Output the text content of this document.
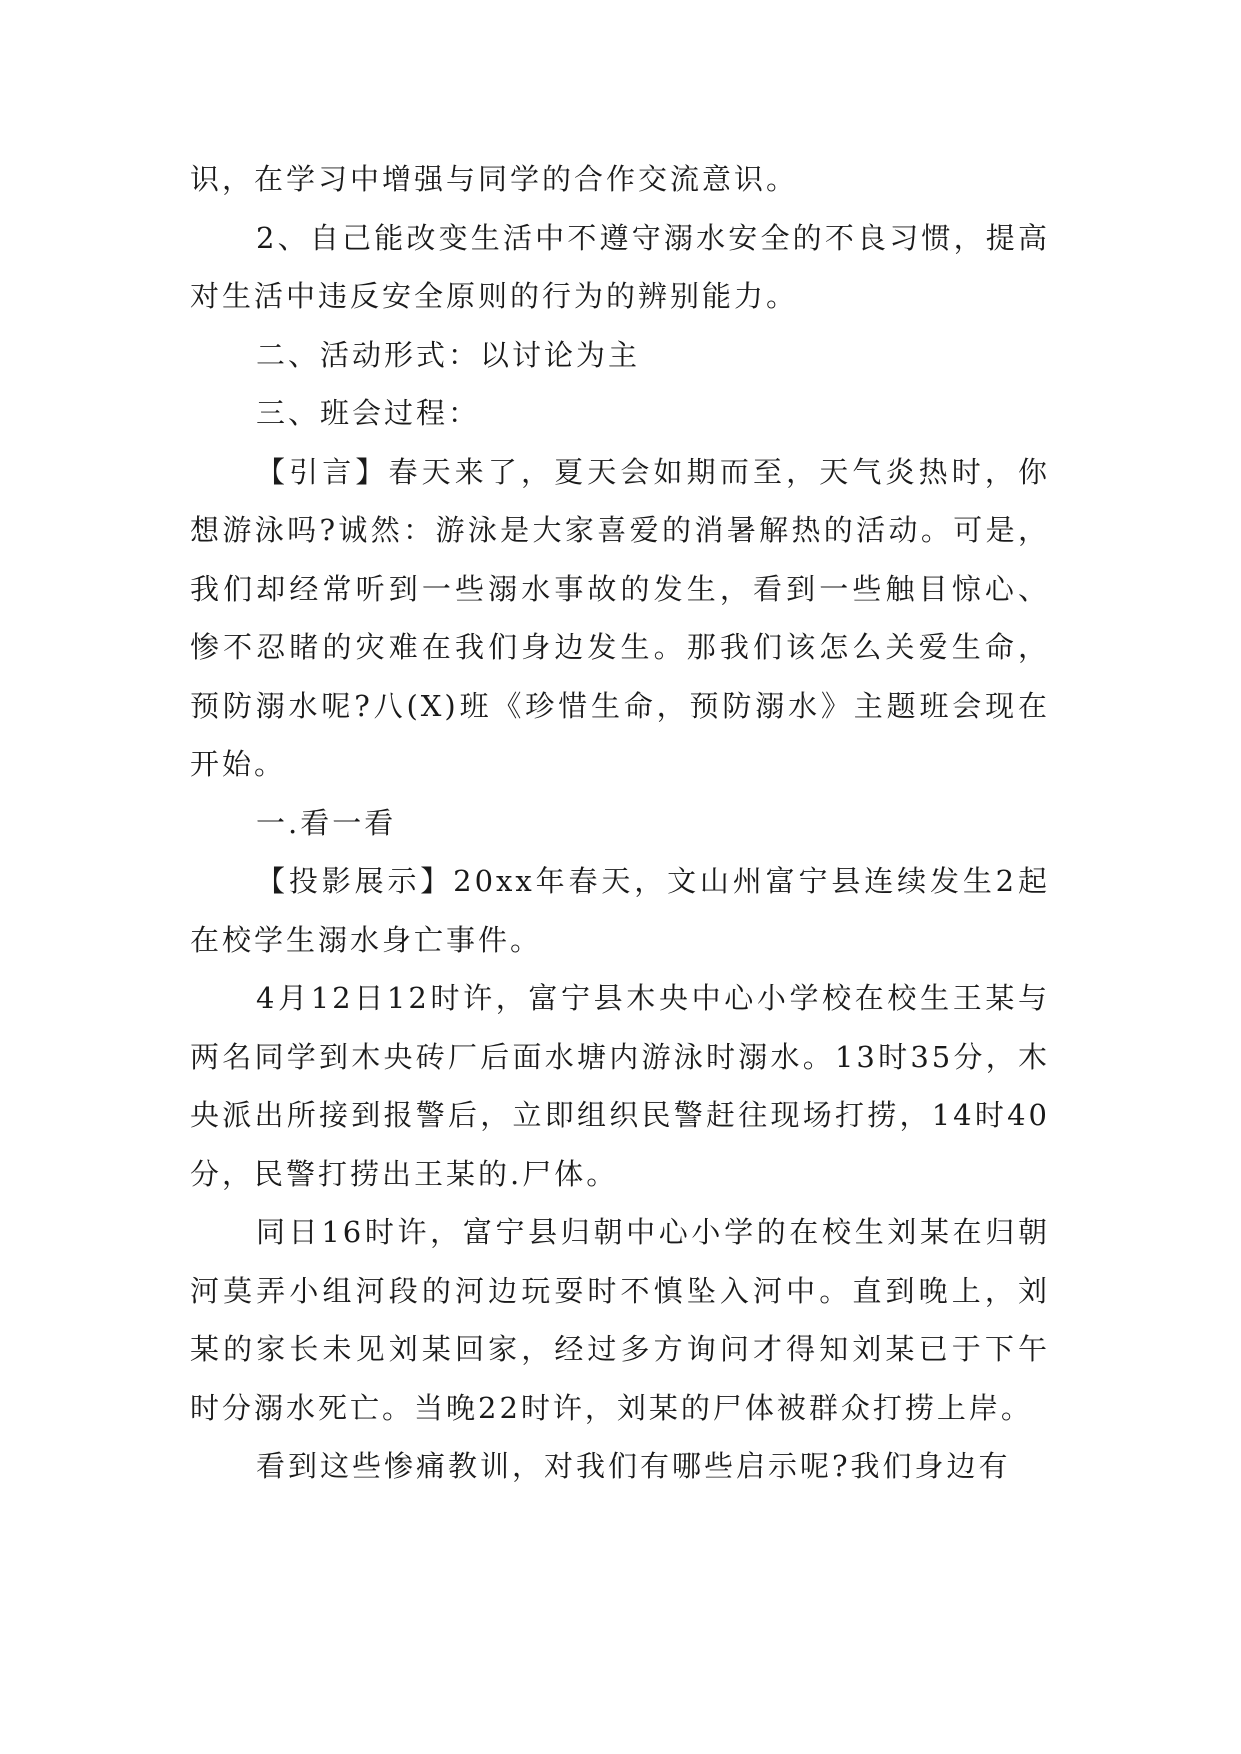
识，在学习中增强与同学的合作交流意识。

2、自己能改变生活中不遵守溺水安全的不良习惯，提高对生活中违反安全原则的行为的辨别能力。

二、活动形式：以讨论为主

三、班会过程：

【引言】春天来了，夏天会如期而至，天气炎热时，你想游泳吗?诚然：游泳是大家喜爱的消暑解热的活动。可是，我们却经常听到一些溺水事故的发生，看到一些触目惊心、惨不忍睹的灾难在我们身边发生。那我们该怎么关爱生命，预防溺水呢?八(X)班《珍惜生命，预防溺水》主题班会现在开始。

一.看一看

【投影展示】20xx年春天，文山州富宁县连续发生2起在校学生溺水身亡事件。

4月12日12时许，富宁县木央中心小学校在校生王某与两名同学到木央砖厂后面水塘内游泳时溺水。13时35分，木央派出所接到报警后，立即组织民警赶往现场打捞，14时40分，民警打捞出王某的.尸体。

同日16时许，富宁县归朝中心小学的在校生刘某在归朝河莫弄小组河段的河边玩耍时不慎坠入河中。直到晚上，刘某的家长未见刘某回家，经过多方询问才得知刘某已于下午时分溺水死亡。当晚22时许，刘某的尸体被群众打捞上岸。

看到这些惨痛教训，对我们有哪些启示呢?我们身边有
